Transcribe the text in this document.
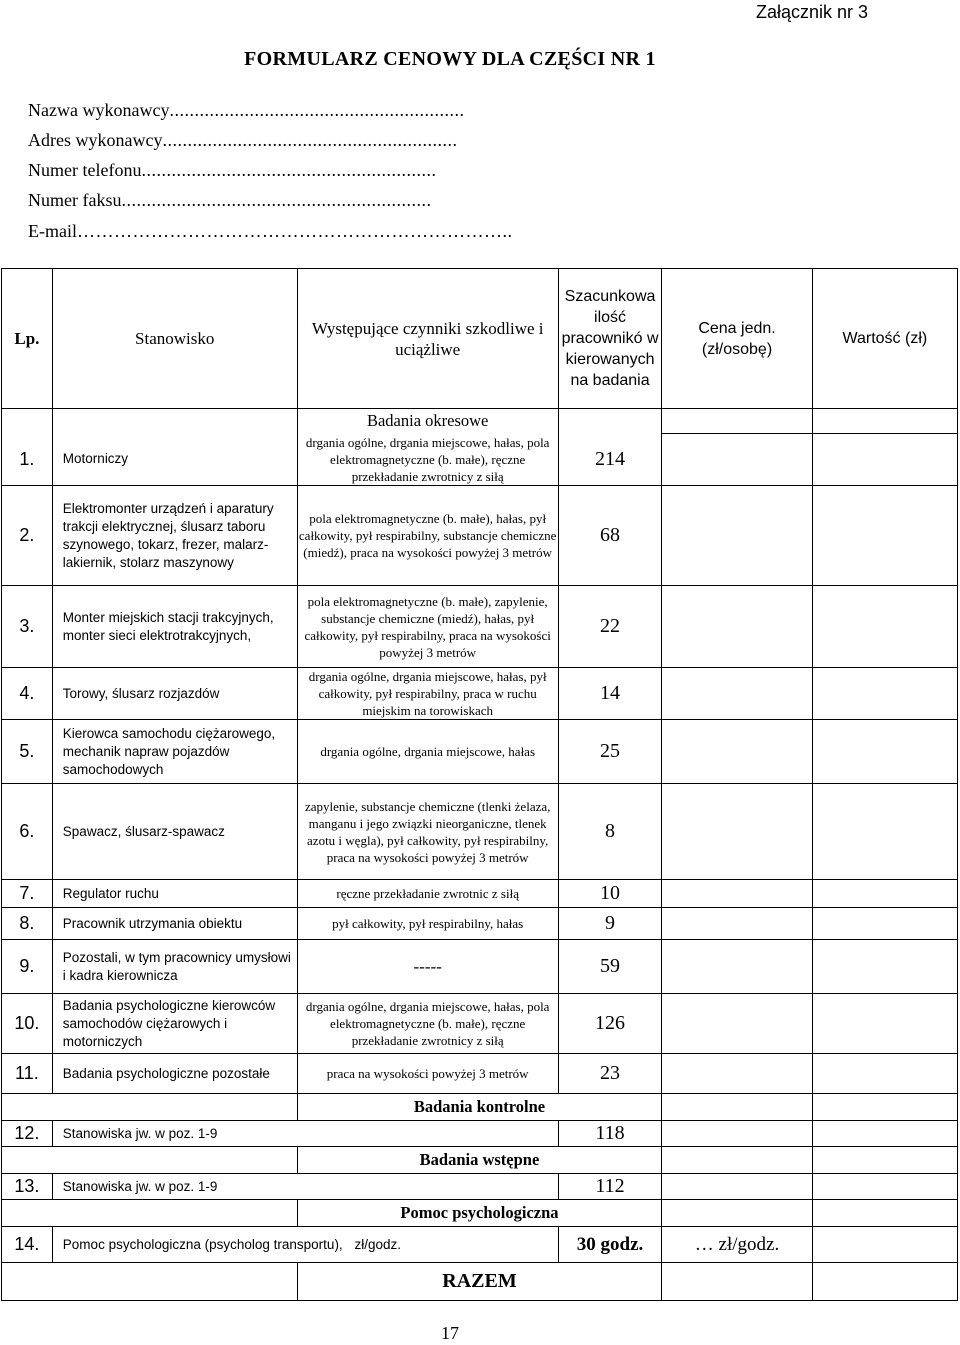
Załącznik nr 3
FORMULARZ CENOWY DLA CZĘŚCI NR 1
Nazwa wykonawcy...........................................................
Adres wykonawcy...........................................................
Numer telefonu...........................................................
Numer faksu..............................................................
E-mail……………………………………………………………..
Lp.	Stanowisko	Występujące czynniki szkodliwe i uciążliwe	Szacunkowa ilość pracownikó w kierowanych na badania	Cena jedn. (zł/osobę)	Wartość (zł)
		Badania okresowe			
1.	Motorniczy	drgania ogólne, drgania miejscowe, hałas, pola elektromagnetyczne (b. małe), ręczne przekładanie zwrotnicy z siłą	214		
2.	Elektromonter urządzeń i aparatury trakcji elektrycznej, ślusarz taboru szynowego, tokarz, frezer, malarz-lakiernik, stolarz maszynowy	pola elektromagnetyczne (b. małe), hałas, pył całkowity, pył respirabilny, substancje chemiczne (miedź), praca na wysokości powyżej 3 metrów	68		
3.	Monter miejskich stacji trakcyjnych, monter sieci elektrotrakcyjnych,	pola elektromagnetyczne (b. małe), zapylenie, substancje chemiczne (miedź), hałas, pył całkowity, pył respirabilny, praca na wysokości powyżej 3 metrów	22		
4.	Torowy, ślusarz rozjazdów	drgania ogólne, drgania miejscowe, hałas, pył całkowity, pył respirabilny, praca w ruchu miejskim na torowiskach	14		
5.	Kierowca samochodu ciężarowego, mechanik napraw pojazdów samochodowych	drgania ogólne, drgania miejscowe, hałas	25		
6.	Spawacz, ślusarz-spawacz	zapylenie, substancje chemiczne (tlenki żelaza, manganu i jego związki nieorganiczne, tlenek azotu i węgla), pył całkowity, pył respirabilny, praca na wysokości powyżej 3 metrów	8		
7.	Regulator ruchu	ręczne przekładanie zwrotnic z siłą	10		
8.	Pracownik utrzymania obiektu	pył całkowity, pył respirabilny, hałas	9		
9.	Pozostali, w tym pracownicy umysłowi i kadra kierownicza	-----	59		
10.	Badania psychologiczne kierowców samochodów ciężarowych i motorniczych	drgania ogólne, drgania miejscowe, hałas, pola elektromagnetyczne (b. małe), ręczne przekładanie zwrotnicy z siłą	126		
11.	Badania psychologiczne pozostałe	praca na wysokości powyżej 3 metrów	23		
		Badania kontrolne			
12.	Stanowiska jw. w poz. 1-9		118		
		Badania wstępne			
13.	Stanowiska jw. w poz. 1-9		112		
		Pomoc psychologiczna			
14.	Pomoc psychologiczna (psycholog transportu), zł/godz.		30 godz.	… zł/godz.	
		RAZEM			
17
